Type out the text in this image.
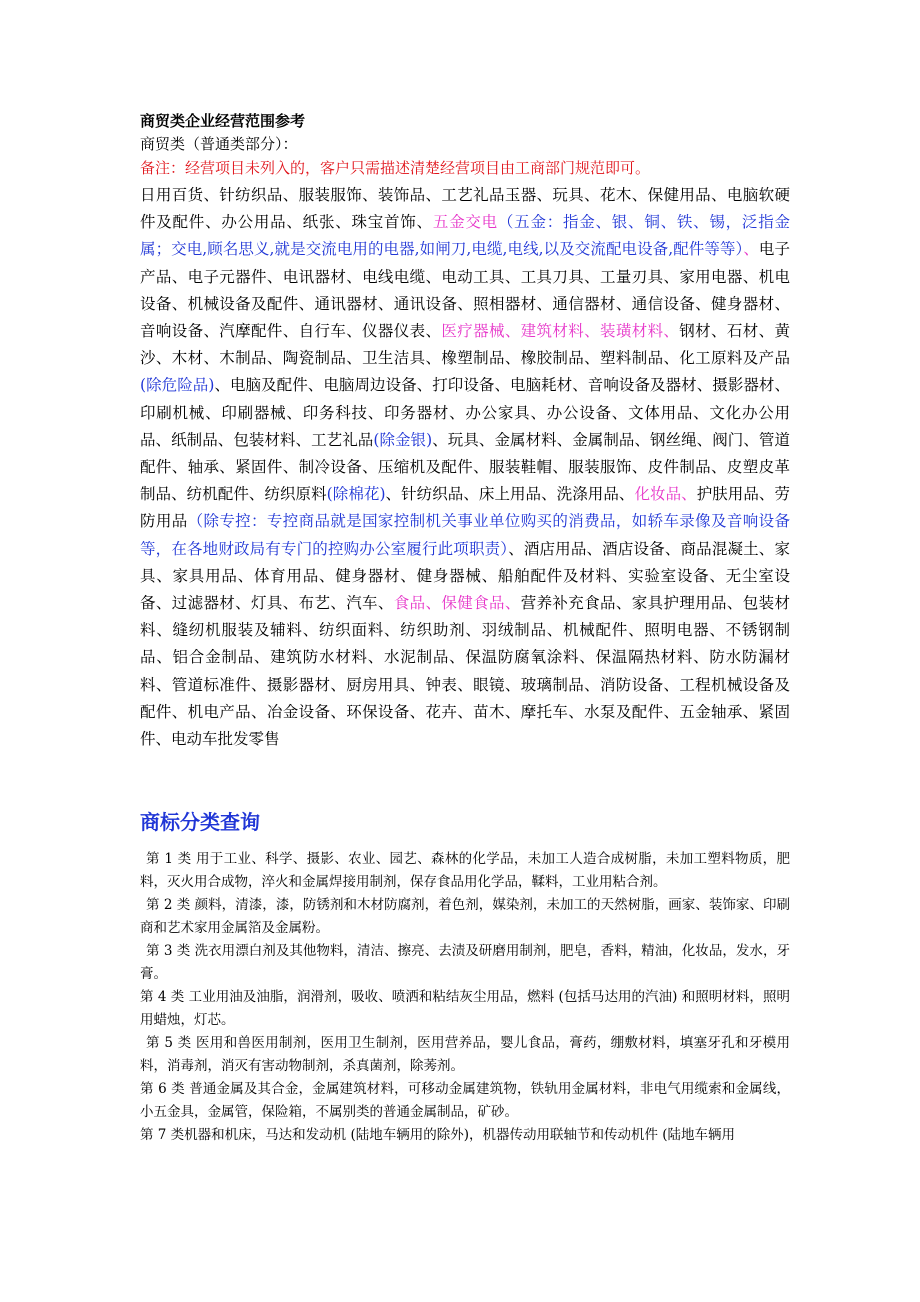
商贸类企业经营范围参考
商贸类（普通类部分）：
备注：经营项目未列入的，客户只需描述清楚经营项目由工商部门规范即可。
日用百货、针纺织品、服装服饰、装饰品、工艺礼品玉器、玩具、花木、保健用品、电脑软硬件及配件、办公用品、纸张、珠宝首饰、五金交电（五金：指金、银、铜、铁、锡，泛指金属；交电,顾名思义,就是交流电用的电器,如闸刀,电缆,电线,以及交流配电设备,配件等等）、电子产品、电子元器件、电讯器材、电线电缆、电动工具、工具刀具、工量刃具、家用电器、机电设备、机械设备及配件、通讯器材、通讯设备、照相器材、通信器材、通信设备、健身器材、音响设备、汽摩配件、自行车、仪器仪表、医疗器械、建筑材料、装璜材料、钢材、石材、黄沙、木材、木制品、陶瓷制品、卫生洁具、橡塑制品、橡胶制品、塑料制品、化工原料及产品(除危险品)、电脑及配件、电脑周边设备、打印设备、电脑耗材、音响设备及器材、摄影器材、印刷机械、印刷器械、印务科技、印务器材、办公家具、办公设备、文体用品、文化办公用品、纸制品、包装材料、工艺礼品(除金银)、玩具、金属材料、金属制品、钢丝绳、阀门、管道配件、轴承、紧固件、制冷设备、压缩机及配件、服装鞋帽、服装服饰、皮件制品、皮塑皮革制品、纺机配件、纺织原料(除棉花)、针纺织品、床上用品、洗涤用品、化妆品、护肤用品、劳防用品（除专控：专控商品就是国家控制机关事业单位购买的消费品，如轿车录像及音响设备等，在各地财政局有专门的控购办公室履行此项职责）、酒店用品、酒店设备、商品混凝土、家具、家具用品、体育用品、健身器材、健身器械、船舶配件及材料、实验室设备、无尘室设备、过滤器材、灯具、布艺、汽车、食品、保健食品、营养补充食品、家具护理用品、包装材料、缝纫机服装及辅料、纺织面料、纺织助剂、羽绒制品、机械配件、照明电器、不锈钢制品、铝合金制品、建筑防水材料、水泥制品、保温防腐氧涂料、保温隔热材料、防水防漏材料、管道标准件、摄影器材、厨房用具、钟表、眼镜、玻璃制品、消防设备、工程机械设备及配件、机电产品、冶金设备、环保设备、花卉、苗木、摩托车、水泵及配件、五金轴承、紧固件、电动车批发零售
商标分类查询

第 1 类 用于工业、科学、摄影、农业、园艺、森林的化学品，未加工人造合成树脂，未加工塑料物质，肥料，灭火用合成物，淬火和金属焊接用制剂，保存食品用化学品，鞣料，工业用粘合剂。

第 2 类 颜料，清漆，漆，防锈剂和木材防腐剂，着色剂，媒染剂，未加工的天然树脂，画家、装饰家、印刷商和艺术家用金属箔及金属粉。

第 3 类 洗衣用漂白剂及其他物料，清洁、擦亮、去渍及研磨用制剂，肥皂，香料，精油，化妆品，发水，牙膏。

第 4 类 工业用油及油脂，润滑剂，吸收、喷洒和粘结灰尘用品，燃料 (包括马达用的汽油) 和照明材料，照明用蜡烛，灯芯。

第 5 类 医用和兽医用制剂，医用卫生制剂，医用营养品，婴儿食品，膏药，绷敷材料，填塞牙孔和牙模用料，消毒剂，消灭有害动物制剂，杀真菌剂，除莠剂。

第 6 类 普通金属及其合金，金属建筑材料，可移动金属建筑物，铁轨用金属材料，非电气用缆索和金属线，小五金具，金属管，保险箱，不属别类的普通金属制品，矿砂。

第 7 类机器和机床，马达和发动机 (陆地车辆用的除外)，机器传动用联轴节和传动机件 (陆地车辆用
